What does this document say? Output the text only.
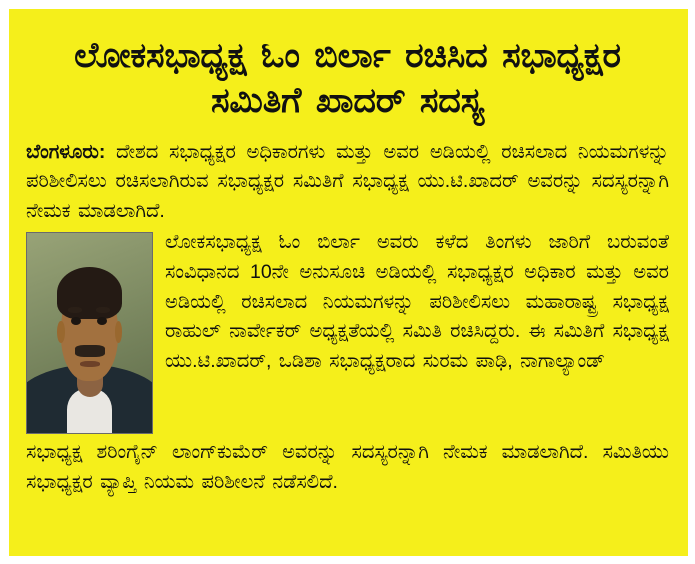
ಲೋಕಸಭಾಧ್ಯಕ್ಷ ಓಂ ಬಿರ್ಲಾ ರಚಿಸಿದ ಸಭಾಧ್ಯಕ್ಷರ ಸಮಿತಿಗೆ ಖಾದರ್ ಸದಸ್ಯ

ಬೆಂಗಳೂರು: ದೇಶದ ಸಭಾಧ್ಯಕ್ಷರ ಅಧಿಕಾರಗಳು ಮತ್ತು ಅವರ ಅಡಿಯಲ್ಲಿ ರಚಿಸಲಾದ ನಿಯಮಗಳನ್ನು ಪರಿಶೀಲಿಸಲು ರಚಿಸಲಾಗಿರುವ ಸಭಾಧ್ಯಕ್ಷರ ಸಮಿತಿಗೆ ಸಭಾಧ್ಯಕ್ಷ ಯು.ಟಿ.ಖಾದರ್ ಅವರನ್ನು ಸದಸ್ಯರನ್ನಾಗಿ ನೇಮಕ ಮಾಡಲಾಗಿದೆ.

ಲೋಕಸಭಾಧ್ಯಕ್ಷ ಓಂ ಬಿರ್ಲಾ ಅವರು ಕಳೆದ ತಿಂಗಳು ಜಾರಿಗೆ ಬರುವಂತೆ ಸಂವಿಧಾನದ 10ನೇ ಅನುಸೂಚಿ ಅಡಿಯಲ್ಲಿ ಸಭಾಧ್ಯಕ್ಷರ ಅಧಿಕಾರ ಮತ್ತು ಅವರ ಅಡಿಯಲ್ಲಿ ರಚಿಸಲಾದ ನಿಯಮಗಳನ್ನು ಪರಿಶೀಲಿಸಲು ಮಹಾರಾಷ್ಟ್ರ ಸಭಾಧ್ಯಕ್ಷ ರಾಹುಲ್ ನಾರ್ವೇಕರ್ ಅಧ್ಯಕ್ಷತೆಯಲ್ಲಿ ಸಮಿತಿ ರಚಿಸಿದ್ದರು. ಈ ಸಮಿತಿಗೆ ಸಭಾಧ್ಯಕ್ಷ ಯು.ಟಿ.ಖಾದರ್, ಒಡಿಶಾ ಸಭಾಧ್ಯಕ್ಷರಾದ ಸುರಮ ಪಾಢಿ, ನಾಗಾಲ್ಯಾಂಡ್

ಸಭಾಧ್ಯಕ್ಷ ಶರಿಂಗೈನ್ ಲಾಂಗ್‌ಕುಮೆರ್ ಅವರನ್ನು ಸದಸ್ಯರನ್ನಾಗಿ ನೇಮಕ ಮಾಡಲಾಗಿದೆ. ಸಮಿತಿಯು ಸಭಾಧ್ಯಕ್ಷರ ವ್ಯಾಪ್ತಿ ನಿಯಮ ಪರಿಶೀಲನೆ ನಡೆಸಲಿದೆ.
